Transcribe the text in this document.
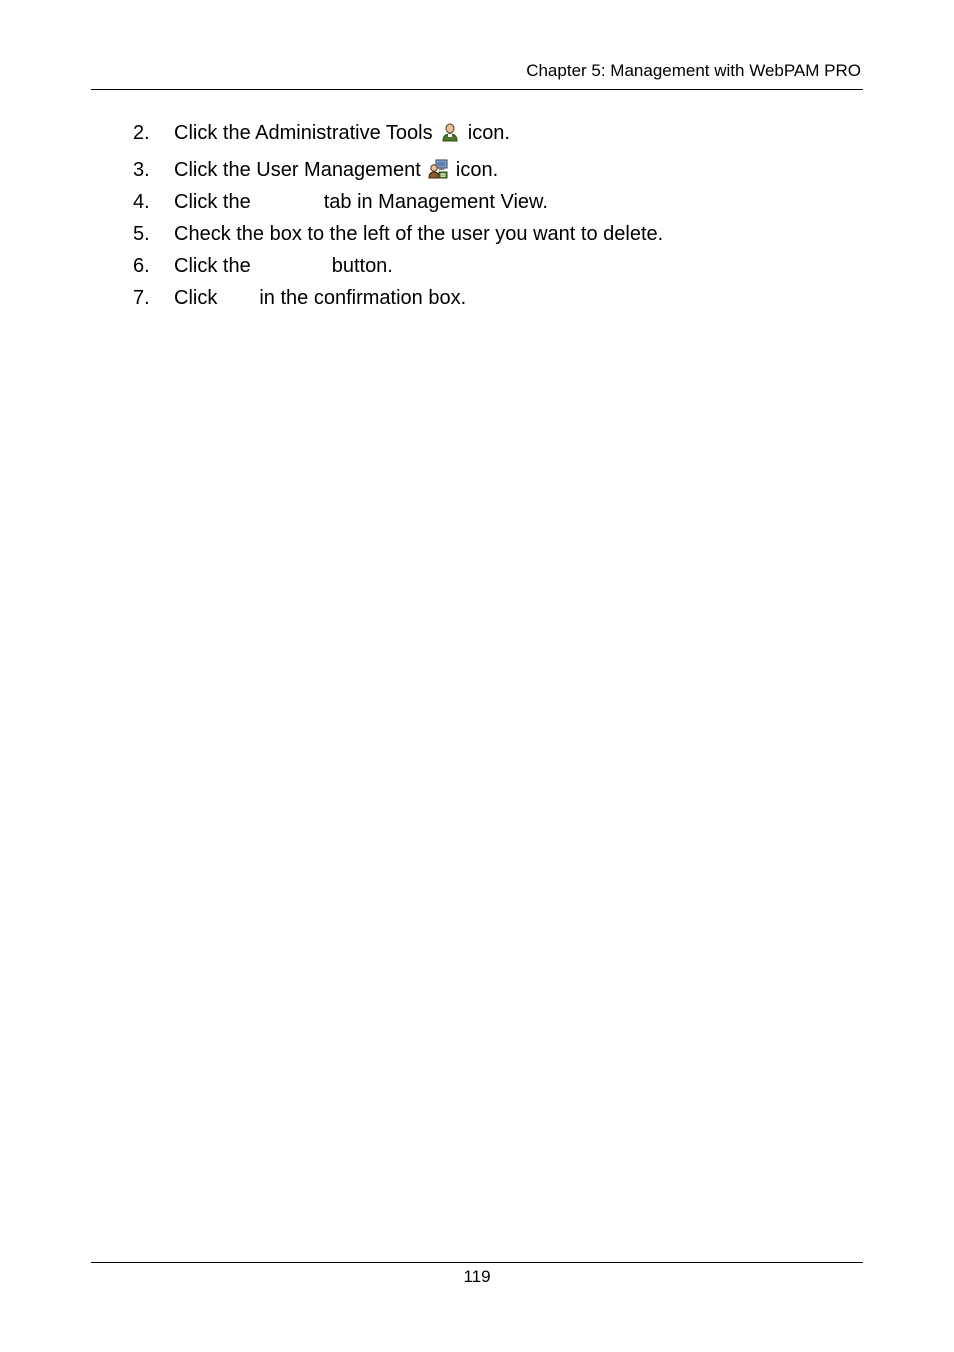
Chapter 5: Management with WebPAM PRO
2. Click the Administrative Tools
icon.
3. Click the User Management
icon.
4. Click the	tab in Management View.
5. Check the box to the left of the user you want to delete.
6. Click the	button.
7. Click in the confirmation box.
119
